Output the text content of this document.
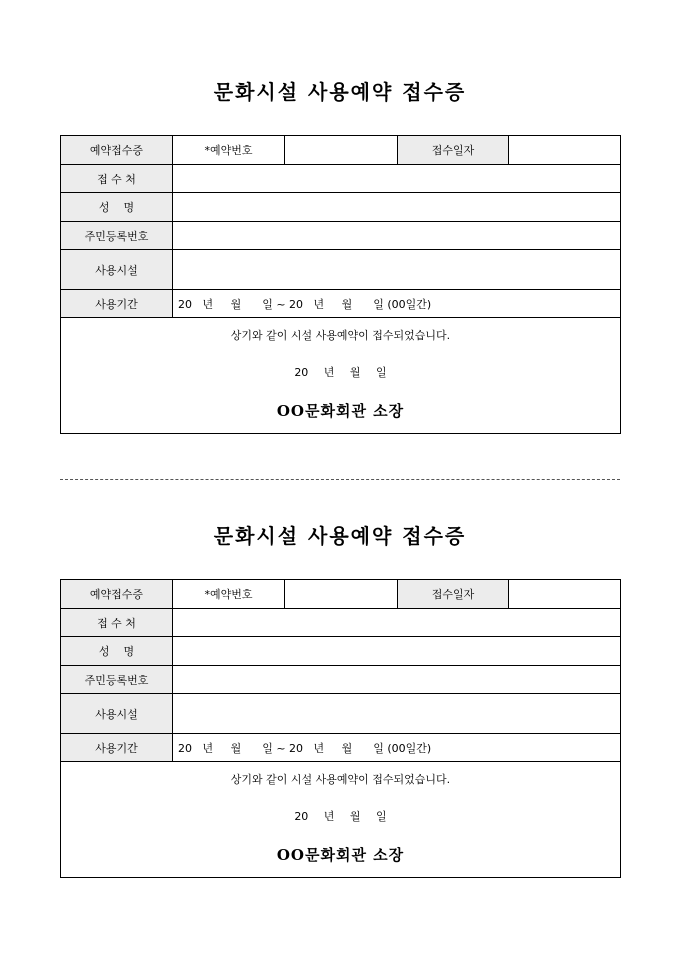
문화시설 사용예약 접수증
예약접수증	*예약번호		접수일자	
접 수 처				
성    명				
주민등록번호				
사용시설				
사용기간	20   년     월      일 ~ 20   년     월      일 (00일간)			

상기와 같이 시설 사용예약이 접수되었습니다.
20 년 월 일
OO문화회관 소장				
문화시설 사용예약 접수증
예약접수증	*예약번호		접수일자	
접 수 처				
성    명				
주민등록번호				
사용시설				
사용기간	20   년     월      일 ~ 20   년     월      일 (00일간)			

상기와 같이 시설 사용예약이 접수되었습니다.
20 년 월 일
OO문화회관 소장				
